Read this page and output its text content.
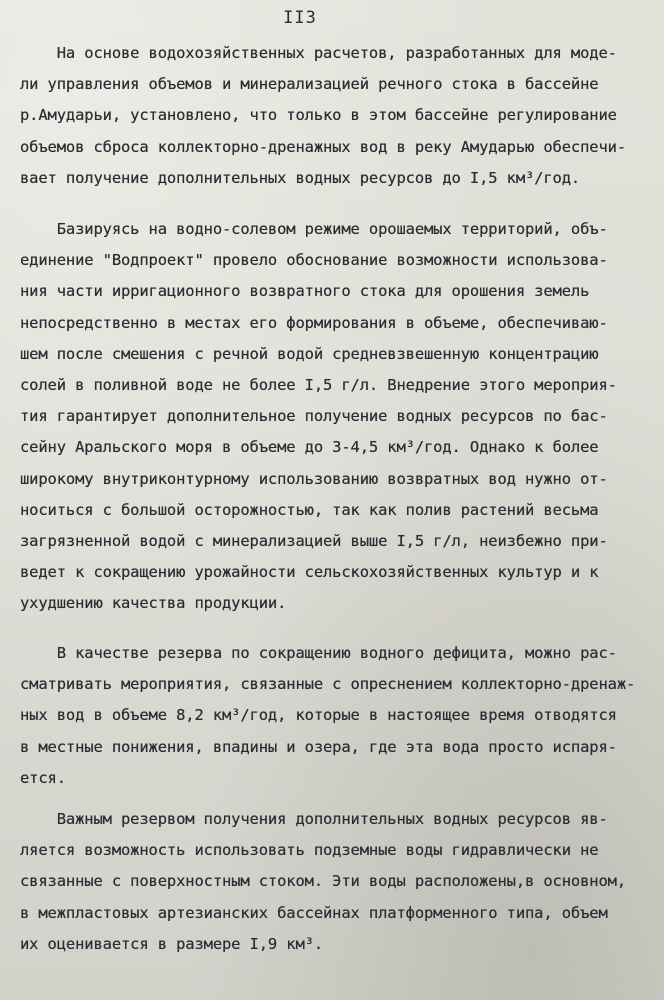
II3
На основе водохозяйственных расчетов, разработанных для моде-
ли управления объемов и минерализацией речного стока в бассейне
р.Амударьи, установлено, что только в этом бассейне регулирование
объемов сброса коллекторно-дренажных вод в реку Амударью обеспечи-
вает получение дополнительных водных ресурсов до I,5 км³/год.
Базируясь на водно-солевом режиме орошаемых территорий, объ-
единение "Водпроект" провело обоснование возможности использова-
ния части ирригационного возвратного стока для орошения земель
непосредственно в местах его формирования в объеме, обеспечиваю-
шем после смешения с речной водой средневзвешенную концентрацию
солей в поливной воде не более I,5 г/л. Внедрение этого мероприя-
тия гарантирует дополнительное получение водных ресурсов по бас-
сейну Аральского моря в объеме до 3-4,5 км³/год. Однако к более
широкому внутриконтурному использованию возвратных вод нужно от-
носиться с большой осторожностью, так как полив растений весьма
загрязненной водой с минерализацией выше I,5 г/л, неизбежно при-
ведет к сокращению урожайности сельскохозяйственных культур и к
ухудшению качества продукции.
В качестве резерва по сокращению водного дефицита, можно рас-
сматривать мероприятия, связанные с опреснением коллекторно-дренаж-
ных вод в объеме 8,2 км³/год, которые в настоящее время отводятся
в местные понижения, впадины и озера, где эта вода просто испаря-
ется.
Важным резервом получения дополнительных водных ресурсов яв-
ляется возможность использовать подземные воды гидравлически не
связанные с поверхностным стоком. Эти воды расположены,в основном,
в межпластовых артезианских бассейнах платформенного типа, объем
их оценивается в размере I,9 км³.
